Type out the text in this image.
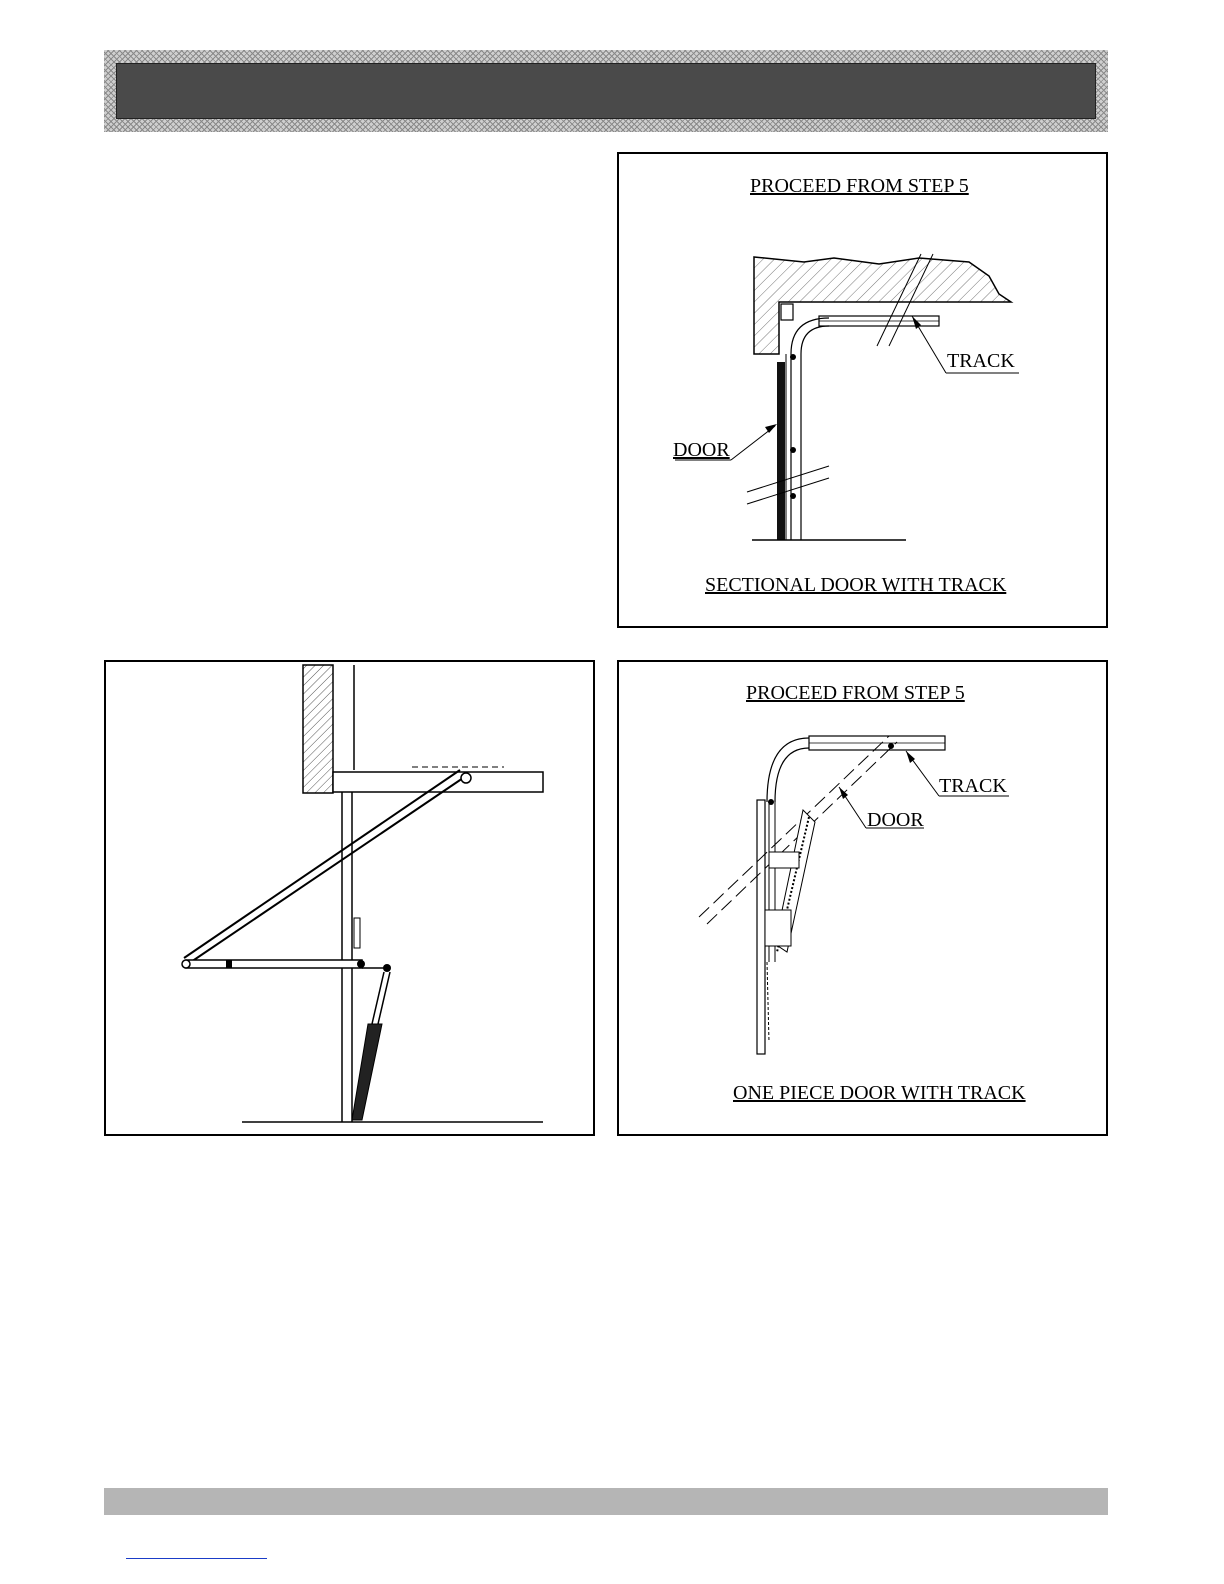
PROCEED FROM STEP 5
TRACK
DOOR
SECTIONAL DOOR WITH TRACK
PROCEED FROM STEP 5
TRACK
DOOR
ONE PIECE DOOR WITH TRACK
